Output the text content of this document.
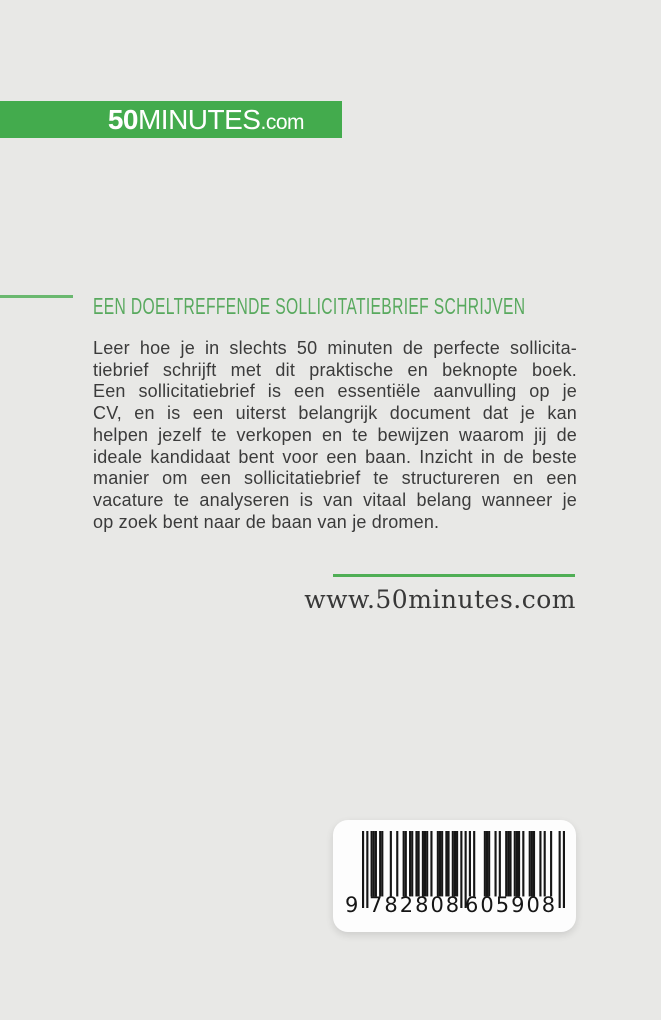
50 MINUTES .com
EEN DOELTREFFENDE SOLLICITATIEBRIEF SCHRIJVEN
Leer hoe je in slechts 50 minuten de perfecte sollicita-
tiebrief schrijft met dit praktische en beknopte boek.
Een sollicitatiebrief is een essentiële aanvulling op je
CV, en is een uiterst belangrijk document dat je kan
helpen jezelf te verkopen en te bewijzen waarom jij de
ideale kandidaat bent voor een baan. Inzicht in de beste
manier om een sollicitatiebrief te structureren en een
vacature te analyseren is van vitaal belang wanneer je
op zoek bent naar de baan van je dromen.
www.50minutes.com
9 782808 605908
